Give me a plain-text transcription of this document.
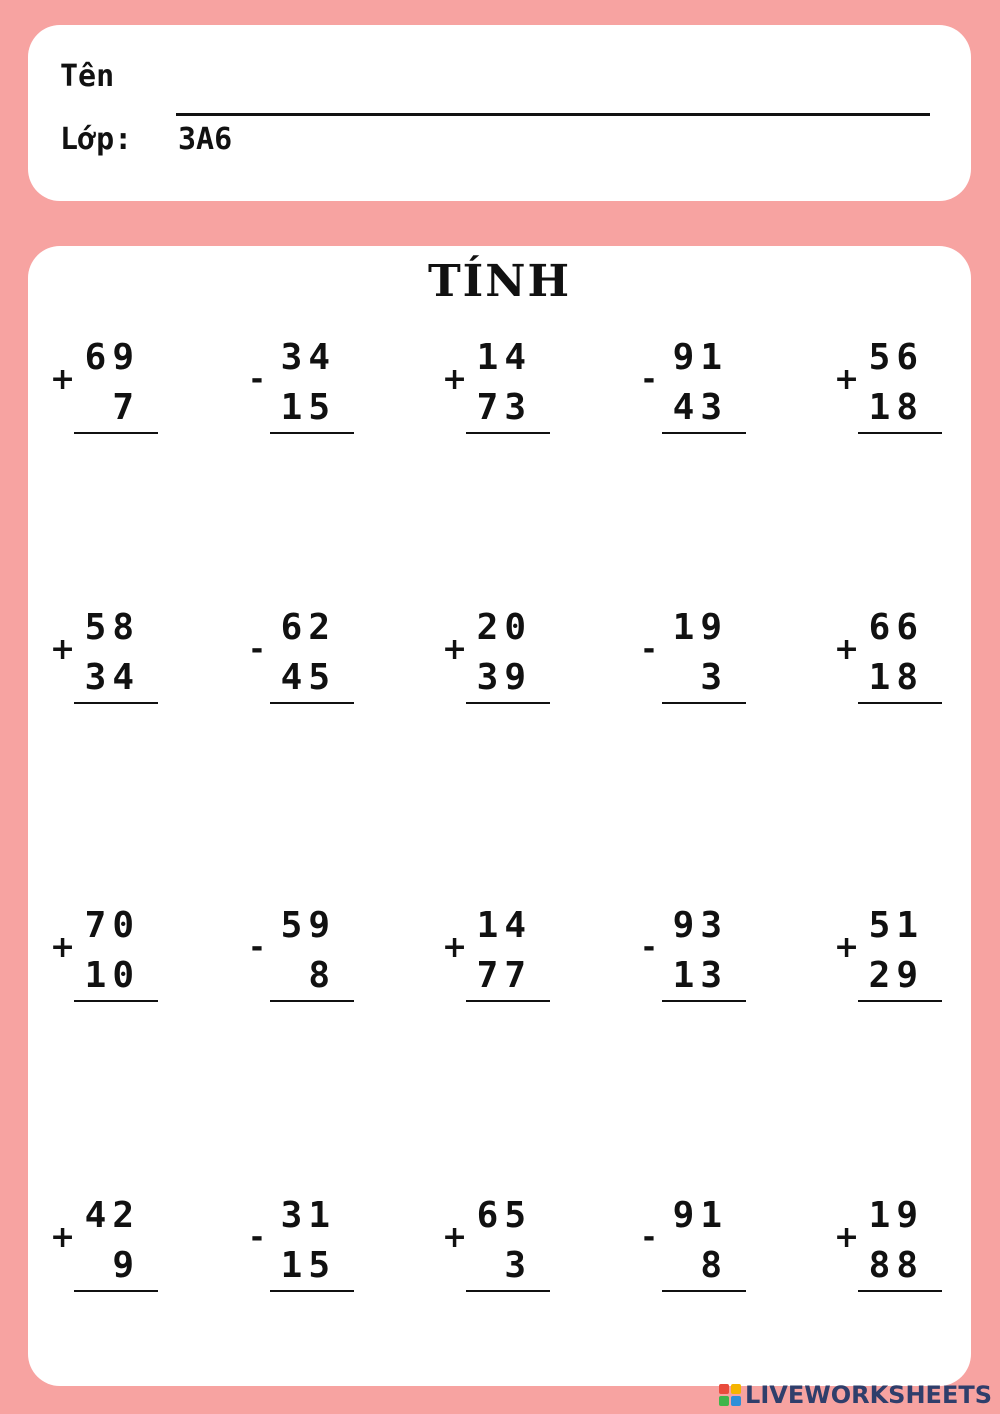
Tên
Lớp: 3A6
TÍNH
+
69
7
-
34
15
+
14
73
-
91
43
+
56
18
+
58
34
-
62
45
+
20
39
-
19
3
+
66
18
+
70
10
-
59
8
+
14
77
-
93
13
+
51
29
+
42
9
-
31
15
+
65
3
-
91
8
+
19
88
LIVEWORKSHEETS
